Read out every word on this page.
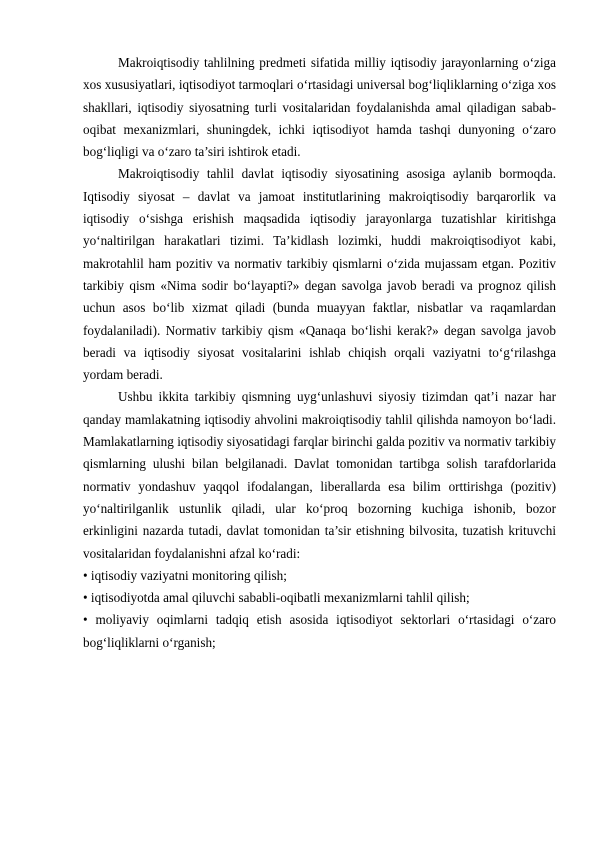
Makroiqtisodiy tahlilning predmeti sifatida milliy iqtisodiy jarayonlarning o‘ziga xos xususiyatlari, iqtisodiyot tarmoqlari o‘rtasidagi universal bog‘liqliklarning o‘ziga xos shakllari, iqtisodiy siyosatning turli vositalaridan foydalanishda amal qiladigan sabab-oqibat mexanizmlari, shuningdek, ichki iqtisodiyot hamda tashqi dunyoning o‘zaro bog‘liqligi va o‘zaro ta’siri ishtirok etadi.

Makroiqtisodiy tahlil davlat iqtisodiy siyosatining asosiga aylanib bormoqda. Iqtisodiy siyosat – davlat va jamoat institutlarining makroiqtisodiy barqarorlik va iqtisodiy o‘sishga erishish maqsadida iqtisodiy jarayonlarga tuzatishlar kiritishga yo‘naltirilgan harakatlari tizimi. Ta’kidlash lozimki, huddi makroiqtisodiyot kabi, makrotahlil ham pozitiv va normativ tarkibiy qismlarni o‘zida mujassam etgan. Pozitiv tarkibiy qism «Nima sodir bo‘layapti?» degan savolga javob beradi va prognoz qilish uchun asos bo‘lib xizmat qiladi (bunda muayyan faktlar, nisbatlar va raqamlardan foydalaniladi). Normativ tarkibiy qism «Qanaqa bo‘lishi kerak?» degan savolga javob beradi va iqtisodiy siyosat vositalarini ishlab chiqish orqali vaziyatni to‘g‘rilashga yordam beradi.

Ushbu ikkita tarkibiy qismning uyg‘unlashuvi siyosiy tizimdan qat’i nazar har qanday mamlakatning iqtisodiy ahvolini makroiqtisodiy tahlil qilishda namoyon bo‘ladi. Mamlakatlarning iqtisodiy siyosatidagi farqlar birinchi galda pozitiv va normativ tarkibiy qismlarning ulushi bilan belgilanadi. Davlat tomonidan tartibga solish tarafdorlarida normativ yondashuv yaqqol ifodalangan, liberallarda esa bilim orttirishga (pozitiv) yo‘naltirilganlik ustunlik qiladi, ular ko‘proq bozorning kuchiga ishonib, bozor erkinligini nazarda tutadi, davlat tomonidan ta’sir etishning bilvosita, tuzatish krituvchi vositalaridan foydalanishni afzal ko‘radi:

• iqtisodiy vaziyatni monitoring qilish;

• iqtisodiyotda amal qiluvchi sababli-oqibatli mexanizmlarni tahlil qilish;

• moliyaviy oqimlarni tadqiq etish asosida iqtisodiyot sektorlari o‘rtasidagi o‘zaro bog‘liqliklarni o‘rganish;
